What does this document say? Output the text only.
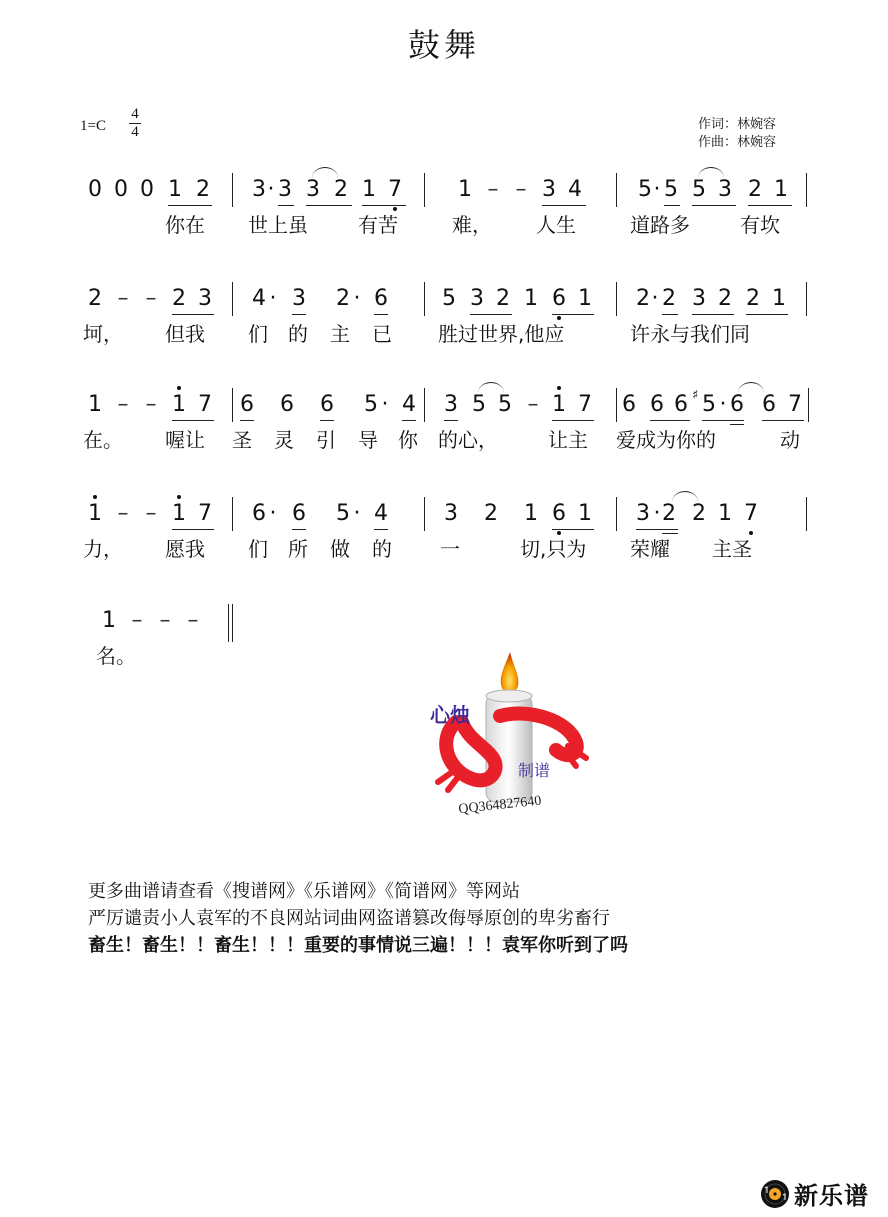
鼓舞
1=C
4
4	作词：林婉容
作曲：林婉容
0 0 0 1 2 3 · 3 3 2 1 7	1 – – 3 4	5 · 5 5 3 2 1
你在 世上虽	有苦	难， 人生	道路多	有坎
2 – – 2 3 4 · 3 2 · 6 5 3 2 1 6 1 2 · 2 3 2 2 1
坷， 但我 们 的 主 已 胜过世界,他应	许永与我们同
1 – – 1 7 6 6 6 5 · 4 3 5 5 – 1 7 6 6 6 ♯ 5 · 6 6 7
在。 喔让 圣 灵 引 导 你 的心，	让主 爱成为你的	动
1 – – 1 7 6 · 6 5 · 4	3 2 1 6 1 3 · 2 2 1 7
力， 愿我 们 所 做 的 一	切,只为 荣耀 主圣
1 – – –
名。
心烛
制谱
QQ364827640
更多曲谱请查看《搜谱网》《乐谱网》《简谱网》等网站
严厉谴责小人袁军的不良网站词曲网盗谱篡改侮辱原创的卑劣畜行
畜生！畜生！！畜生！！！重要的事情说三遍！！！袁军你听到了吗
新乐谱
